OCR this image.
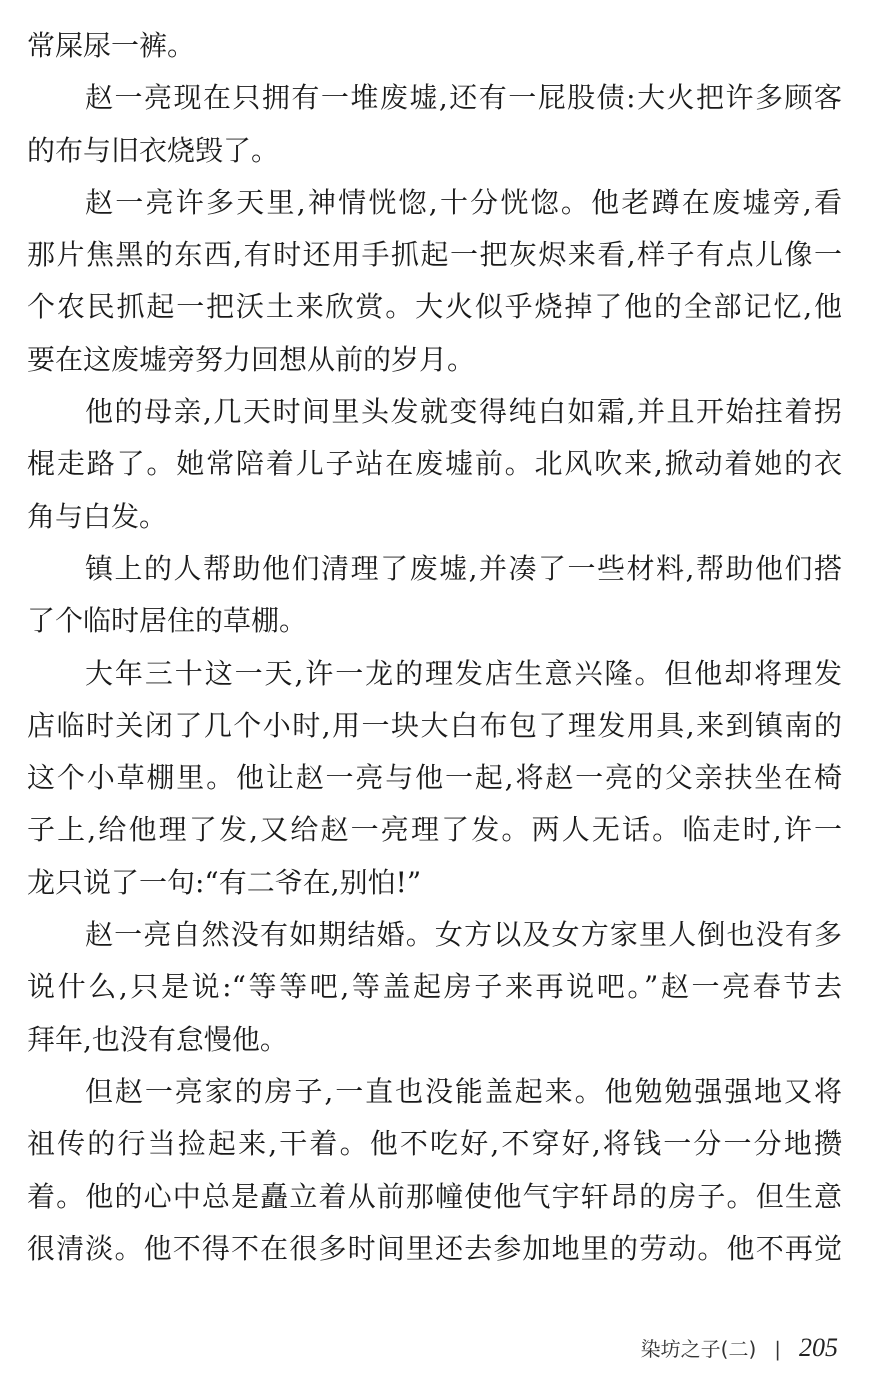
常屎尿一裤。
赵一亮现在只拥有一堆废墟,还有一屁股债:大火把许多顾客
的布与旧衣烧毁了。
赵一亮许多天里,神情恍惚,十分恍惚。他老蹲在废墟旁,看
那片焦黑的东西,有时还用手抓起一把灰烬来看,样子有点儿像一
个农民抓起一把沃土来欣赏。大火似乎烧掉了他的全部记忆,他
要在这废墟旁努力回想从前的岁月。
他的母亲,几天时间里头发就变得纯白如霜,并且开始拄着拐
棍走路了。她常陪着儿子站在废墟前。北风吹来,掀动着她的衣
角与白发。
镇上的人帮助他们清理了废墟,并凑了一些材料,帮助他们搭
了个临时居住的草棚。
大年三十这一天,许一龙的理发店生意兴隆。但他却将理发
店临时关闭了几个小时,用一块大白布包了理发用具,来到镇南的
这个小草棚里。他让赵一亮与他一起,将赵一亮的父亲扶坐在椅
子上,给他理了发,又给赵一亮理了发。两人无话。临走时,许一
龙只说了一句:“有二爷在,别怕!”
赵一亮自然没有如期结婚。女方以及女方家里人倒也没有多
说什么,只是说:“等等吧,等盖起房子来再说吧。”赵一亮春节去
拜年,也没有怠慢他。
但赵一亮家的房子,一直也没能盖起来。他勉勉强强地又将
祖传的行当捡起来,干着。他不吃好,不穿好,将钱一分一分地攒
着。他的心中总是矗立着从前那幢使他气宇轩昂的房子。但生意
很清淡。他不得不在很多时间里还去参加地里的劳动。他不再觉
染坊之子(二) | 205
